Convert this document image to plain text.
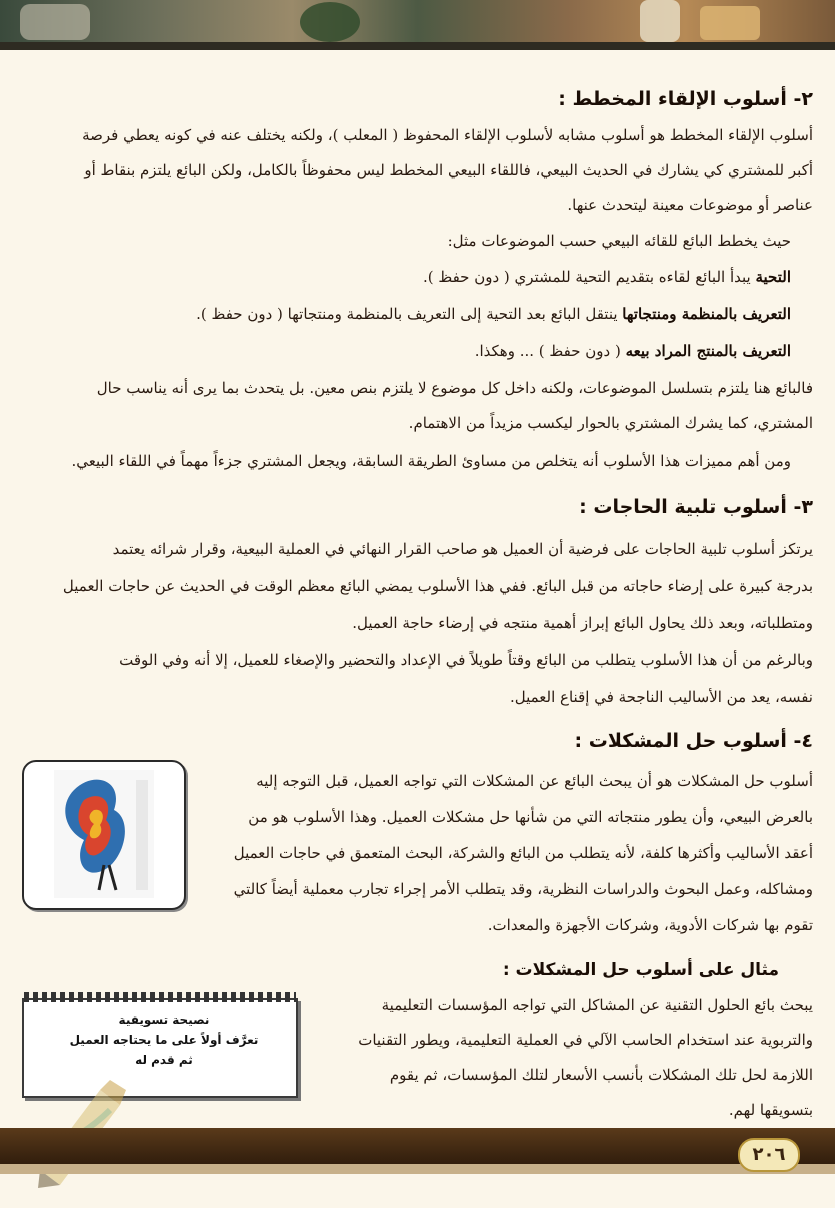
٢- أسلوب الإلقاء المخطط :
أسلوب الإلقاء المخطط هو أسلوب مشابه لأسلوب الإلقاء المحفوظ ( المعلب )، ولكنه يختلف عنه في كونه يعطي فرصة
أكبر للمشتري كي يشارك في الحديث البيعي، فاللقاء البيعي المخطط ليس محفوظاً بالكامل، ولكن البائع يلتزم بنقاط أو
عناصر أو موضوعات معينة ليتحدث عنها.
حيث يخطط البائع للقائه البيعي حسب الموضوعات مثل:
التحية يبدأ البائع لقاءه بتقديم التحية للمشتري ( دون حفظ ).
التعريف بالمنظمة ومنتجاتها ينتقل البائع بعد التحية إلى التعريف بالمنظمة ومنتجاتها ( دون حفظ ).
التعريف بالمنتج المراد بيعه ( دون حفظ ) ... وهكذا.
فالبائع هنا يلتزم بتسلسل الموضوعات، ولكنه داخل كل موضوع لا يلتزم بنص معين. بل يتحدث بما يرى أنه يناسب حال
المشتري، كما يشرك المشتري بالحوار ليكسب مزيداً من الاهتمام.
ومن أهم مميزات هذا الأسلوب أنه يتخلص من مساوئ الطريقة السابقة، ويجعل المشتري جزءاً مهماً في اللقاء البيعي.
٣- أسلوب تلبية الحاجات :
يرتكز أسلوب تلبية الحاجات على فرضية أن العميل هو صاحب القرار النهائي في العملية البيعية، وقرار شرائه يعتمد
بدرجة كبيرة على إرضاء حاجاته من قبل البائع. ففي هذا الأسلوب يمضي البائع معظم الوقت في الحديث عن حاجات العميل
ومتطلباته، وبعد ذلك يحاول البائع إبراز أهمية منتجه في إرضاء حاجة العميل.
وبالرغم من أن هذا الأسلوب يتطلب من البائع وقتاً طويلاً في الإعداد والتحضير والإصغاء للعميل، إلا أنه وفي الوقت
نفسه، يعد من الأساليب الناجحة في إقناع العميل.
٤- أسلوب حل المشكلات :
أسلوب حل المشكلات هو أن يبحث البائع عن المشكلات التي تواجه العميل، قبل التوجه إليه
بالعرض البيعي، وأن يطور منتجاته التي من شأنها حل مشكلات العميل. وهذا الأسلوب هو من
أعقد الأساليب وأكثرها كلفة، لأنه يتطلب من البائع والشركة، البحث المتعمق في حاجات العميل
ومشاكله، وعمل البحوث والدراسات النظرية، وقد يتطلب الأمر إجراء تجارب معملية أيضاً كالتي
تقوم بها شركات الأدوية، وشركات الأجهزة والمعدات.
مثال على أسلوب حل المشكلات :
يبحث بائع الحلول التقنية عن المشاكل التي تواجه المؤسسات التعليمية
والتربوية عند استخدام الحاسب الآلي في العملية التعليمية، ويطور التقنيات
اللازمة لحل تلك المشكلات بأنسب الأسعار لتلك المؤسسات، ثم يقوم
بتسويقها لهم.
نصيحة تسويقية
تعرَّف أولاً على ما يحتاجه العميل
ثم قدم له
٢٠٦
